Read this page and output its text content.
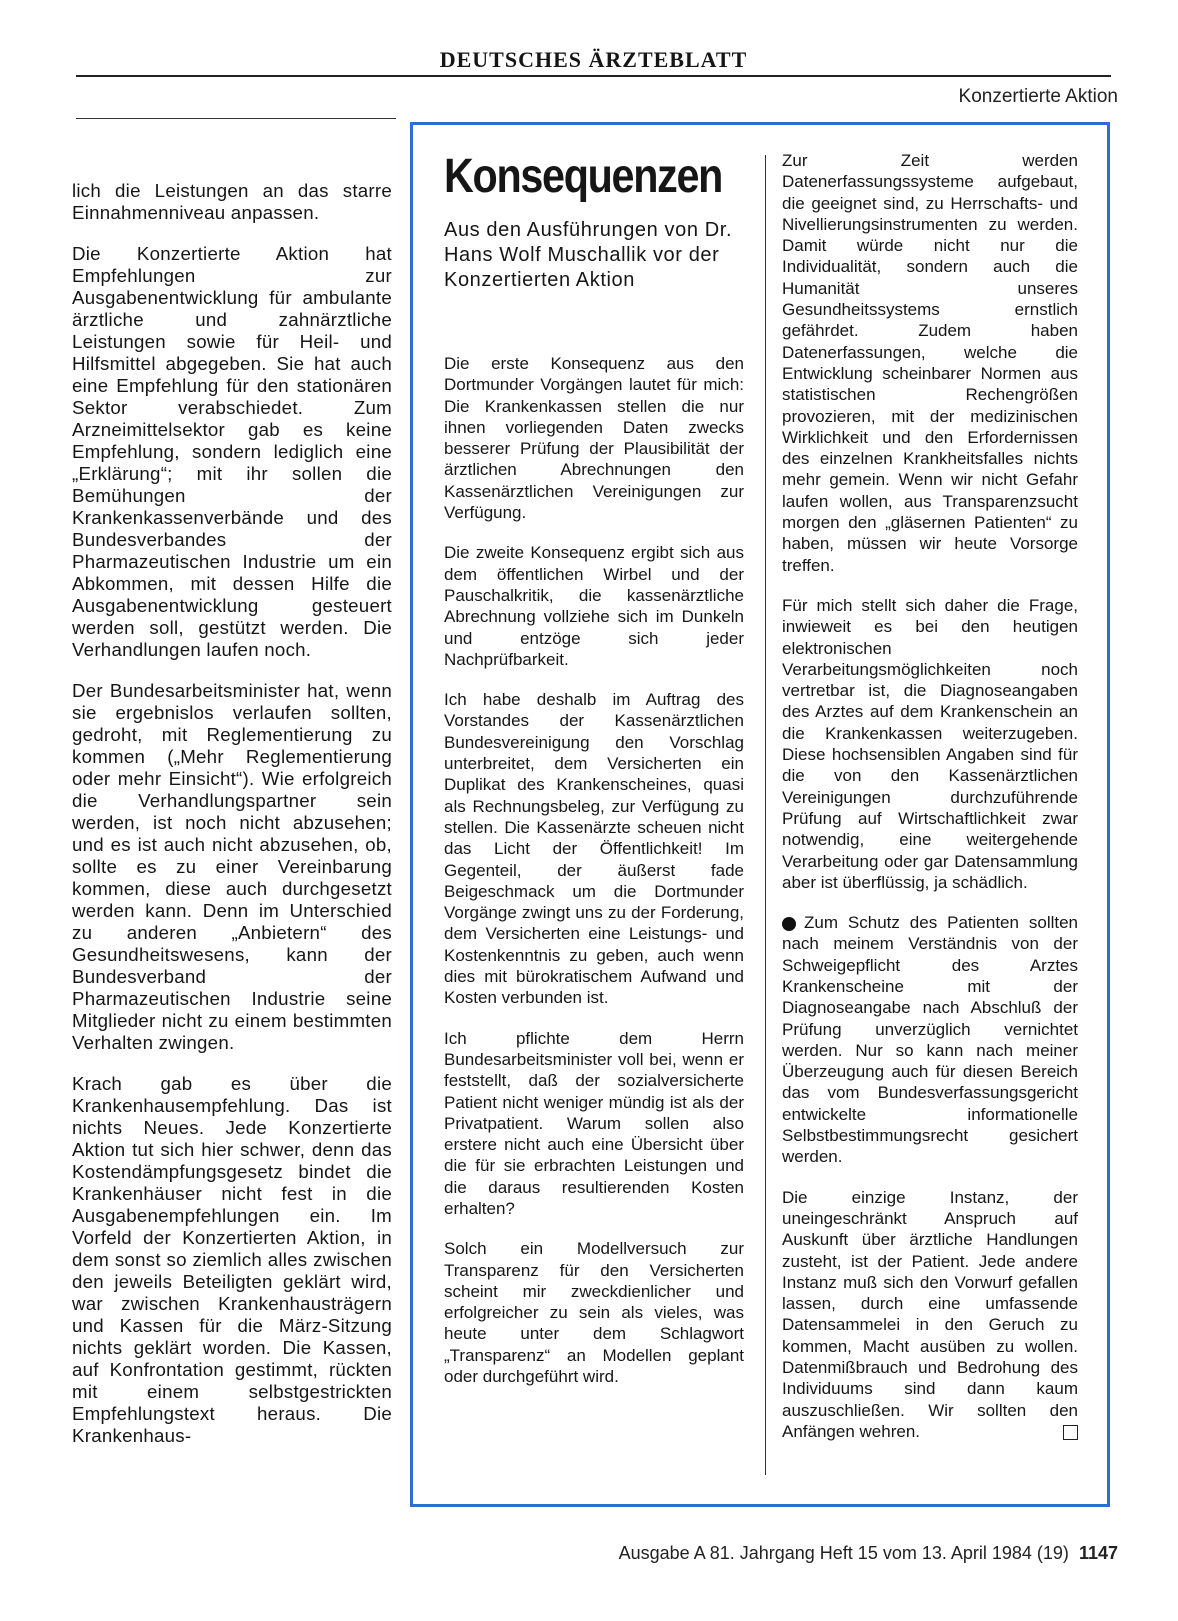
DEUTSCHES ÄRZTEBLATT
Konzertierte Aktion

lich die Leistungen an das starre Einnahmenniveau anpassen.

Die Konzertierte Aktion hat Empfehlungen zur Ausgabenentwicklung für ambulante ärztliche und zahnärztliche Leistungen sowie für Heil- und Hilfsmittel abgegeben. Sie hat auch eine Empfehlung für den stationären Sektor verabschiedet. Zum Arzneimittelsektor gab es keine Empfehlung, sondern lediglich eine „Erklärung“; mit ihr sollen die Bemühungen der Krankenkassenverbände und des Bundesverbandes der Pharmazeutischen Industrie um ein Abkommen, mit dessen Hilfe die Ausgabenentwicklung gesteuert werden soll, gestützt werden. Die Verhandlungen laufen noch.

Der Bundesarbeitsminister hat, wenn sie ergebnislos verlaufen sollten, gedroht, mit Reglementierung zu kommen („Mehr Reglementierung oder mehr Einsicht“). Wie erfolgreich die Verhandlungspartner sein werden, ist noch nicht abzusehen; und es ist auch nicht abzusehen, ob, sollte es zu einer Vereinbarung kommen, diese auch durchgesetzt werden kann. Denn im Unterschied zu anderen „Anbietern“ des Gesundheitswesens, kann der Bundesverband der Pharmazeutischen Industrie seine Mitglieder nicht zu einem bestimmten Verhalten zwingen.

Krach gab es über die Krankenhausempfehlung. Das ist nichts Neues. Jede Konzertierte Aktion tut sich hier schwer, denn das Kostendämpfungsgesetz bindet die Krankenhäuser nicht fest in die Ausgabenempfehlungen ein. Im Vorfeld der Konzertierten Aktion, in dem sonst so ziemlich alles zwischen den jeweils Beteiligten geklärt wird, war zwischen Krankenhausträgern und Kassen für die März-Sitzung nichts geklärt worden. Die Kassen, auf Konfrontation gestimmt, rückten mit einem selbstgestrickten Empfehlungstext heraus. Die Krankenhaus-

Konsequenzen
Aus den Ausführungen von Dr. Hans Wolf Muschallik vor der Konzertierten Aktion

Die erste Konsequenz aus den Dortmunder Vorgängen lautet für mich: Die Krankenkassen stellen die nur ihnen vorliegenden Daten zwecks besserer Prüfung der Plausibilität der ärztlichen Abrechnungen den Kassenärztlichen Vereinigungen zur Verfügung.

Die zweite Konsequenz ergibt sich aus dem öffentlichen Wirbel und der Pauschalkritik, die kassenärztliche Abrechnung vollziehe sich im Dunkeln und entzöge sich jeder Nachprüfbarkeit.

Ich habe deshalb im Auftrag des Vorstandes der Kassenärztlichen Bundesvereinigung den Vorschlag unterbreitet, dem Versicherten ein Duplikat des Krankenscheines, quasi als Rechnungsbeleg, zur Verfügung zu stellen. Die Kassenärzte scheuen nicht das Licht der Öffentlichkeit! Im Gegenteil, der äußerst fade Beigeschmack um die Dortmunder Vorgänge zwingt uns zu der Forderung, dem Versicherten eine Leistungs- und Kostenkenntnis zu geben, auch wenn dies mit bürokratischem Aufwand und Kosten verbunden ist.

Ich pflichte dem Herrn Bundesarbeitsminister voll bei, wenn er feststellt, daß der sozialversicherte Patient nicht weniger mündig ist als der Privatpatient. Warum sollen also erstere nicht auch eine Übersicht über die für sie erbrachten Leistungen und die daraus resultierenden Kosten erhalten?

Solch ein Modellversuch zur Transparenz für den Versicherten scheint mir zweckdienlicher und erfolgreicher zu sein als vieles, was heute unter dem Schlagwort „Transparenz“ an Modellen geplant oder durchgeführt wird.

Zur Zeit werden Datenerfassungssysteme aufgebaut, die geeignet sind, zu Herrschafts- und Nivellierungsinstrumenten zu werden. Damit würde nicht nur die Individualität, sondern auch die Humanität unseres Gesundheitssystems ernstlich gefährdet. Zudem haben Datenerfassungen, welche die Entwicklung scheinbarer Normen aus statistischen Rechengrößen provozieren, mit der medizinischen Wirklichkeit und den Erfordernissen des einzelnen Krankheitsfalles nichts mehr gemein. Wenn wir nicht Gefahr laufen wollen, aus Transparenzsucht morgen den „gläsernen Patienten“ zu haben, müssen wir heute Vorsorge treffen.

Für mich stellt sich daher die Frage, inwieweit es bei den heutigen elektronischen Verarbeitungsmöglichkeiten noch vertretbar ist, die Diagnoseangaben des Arztes auf dem Krankenschein an die Krankenkassen weiterzugeben. Diese hochsensiblen Angaben sind für die von den Kassenärztlichen Vereinigungen durchzuführende Prüfung auf Wirtschaftlichkeit zwar notwendig, eine weitergehende Verarbeitung oder gar Datensammlung aber ist überflüssig, ja schädlich.

Zum Schutz des Patienten sollten nach meinem Verständnis von der Schweigepflicht des Arztes Krankenscheine mit der Diagnoseangabe nach Abschluß der Prüfung unverzüglich vernichtet werden. Nur so kann nach meiner Überzeugung auch für diesen Bereich das vom Bundesverfassungsgericht entwickelte informationelle Selbstbestimmungsrecht gesichert werden.

Die einzige Instanz, der uneingeschränkt Anspruch auf Auskunft über ärztliche Handlungen zusteht, ist der Patient. Jede andere Instanz muß sich den Vorwurf gefallen lassen, durch eine umfassende Datensammelei in den Geruch zu kommen, Macht ausüben zu wollen. Datenmißbrauch und Bedrohung des Individuums sind dann kaum auszuschließen. Wir sollten den Anfängen wehren.

Ausgabe A 81. Jahrgang Heft 15 vom 13. April 1984 (19) 1147
